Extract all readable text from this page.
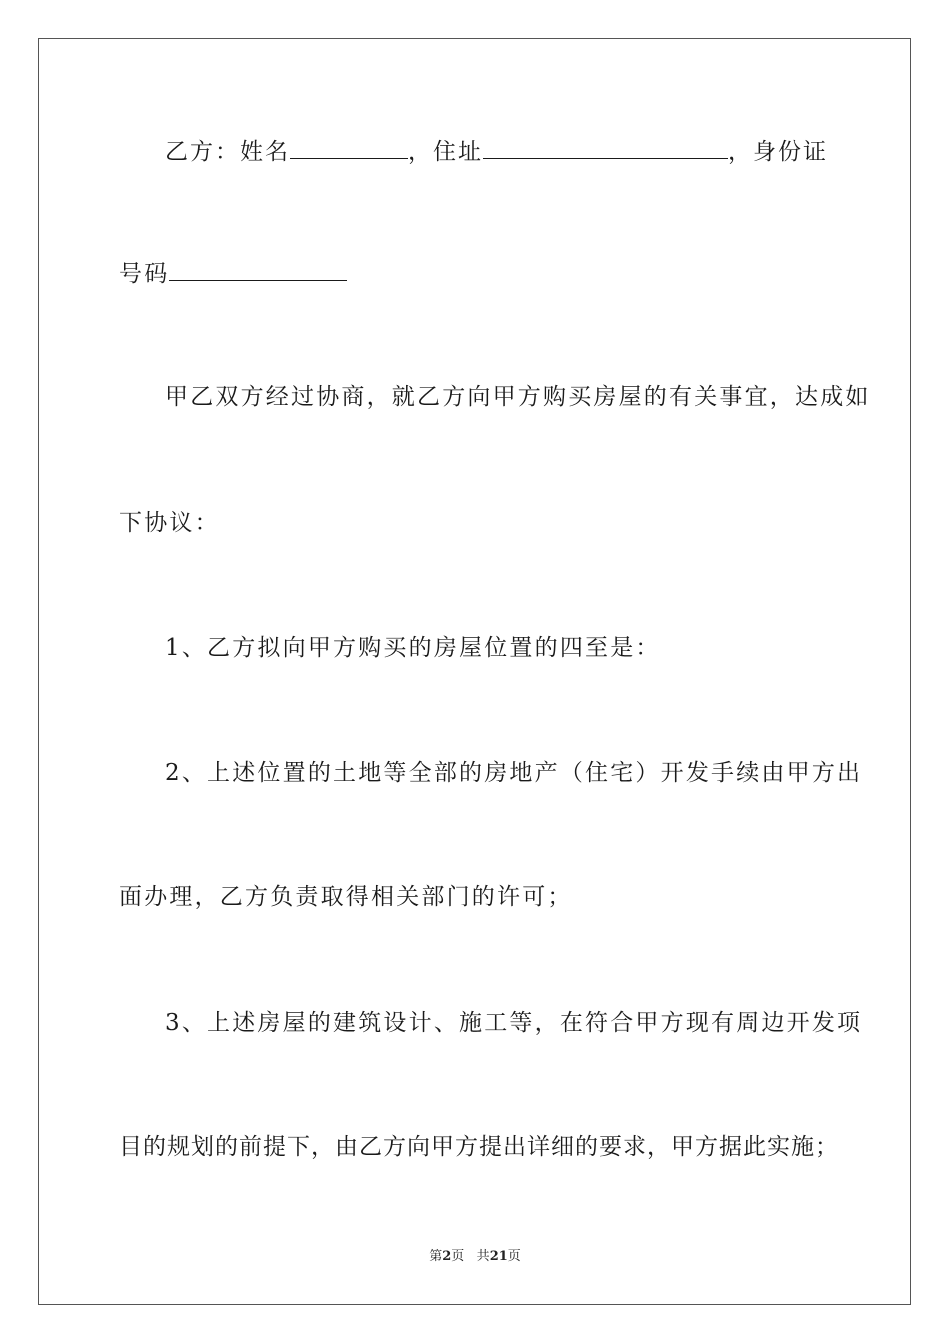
乙方：姓名	，住址	，身份证
号码
甲乙双方经过协商，就乙方向甲方购买房屋的有关事宜，达成如
下协议：
1、乙方拟向甲方购买的房屋位置的四至是：
2、上述位置的土地等全部的房地产（住宅）开发手续由甲方出
面办理，乙方负责取得相关部门的许可；
3、上述房屋的建筑设计、施工等，在符合甲方现有周边开发项
目的规划的前提下，由乙方向甲方提出详细的要求，甲方据此实施；
第2页 共21页
